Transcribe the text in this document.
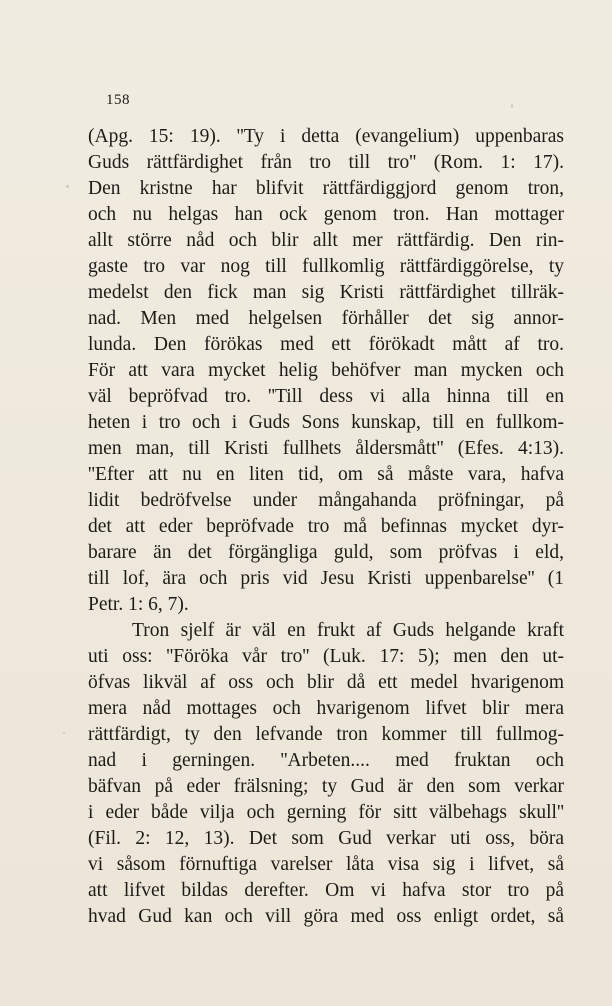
158
(Apg. 15: 19). ''Ty i detta (evangelium) uppenbaras
Guds rättfärdighet från tro till tro'' (Rom. 1: 17).
Den kristne har blifvit rättfärdiggjord genom tron,
och nu helgas han ock genom tron. Han mottager
allt större nåd och blir allt mer rättfärdig. Den rin-
gaste tro var nog till fullkomlig rättfärdiggörelse, ty
medelst den fick man sig Kristi rättfärdighet tillräk-
nad. Men med helgelsen förhåller det sig annor-
lunda. Den förökas med ett förökadt mått af tro.
För att vara mycket helig behöfver man mycken och
väl bepröfvad tro. ''Till dess vi alla hinna till en
heten i tro och i Guds Sons kunskap, till en fullkom-
men man, till Kristi fullhets åldersmått'' (Efes. 4:13).
''Efter att nu en liten tid, om så måste vara, hafva
lidit bedröfvelse under mångahanda pröfningar, på
det att eder bepröfvade tro må befinnas mycket dyr-
barare än det förgängliga guld, som pröfvas i eld,
till lof, ära och pris vid Jesu Kristi uppenbarelse'' (1
Petr. 1: 6, 7).
Tron sjelf är väl en frukt af Guds helgande kraft
uti oss: ''Föröka vår tro'' (Luk. 17: 5); men den ut-
öfvas likväl af oss och blir då ett medel hvarigenom
mera nåd mottages och hvarigenom lifvet blir mera
rättfärdigt, ty den lefvande tron kommer till fullmog-
nad i gerningen. ''Arbeten.... med fruktan och
bäfvan på eder frälsning; ty Gud är den som verkar
i eder både vilja och gerning för sitt välbehags skull''
(Fil. 2: 12, 13). Det som Gud verkar uti oss, böra
vi såsom förnuftiga varelser låta visa sig i lifvet, så
att lifvet bildas derefter. Om vi hafva stor tro på
hvad Gud kan och vill göra med oss enligt ordet, så
